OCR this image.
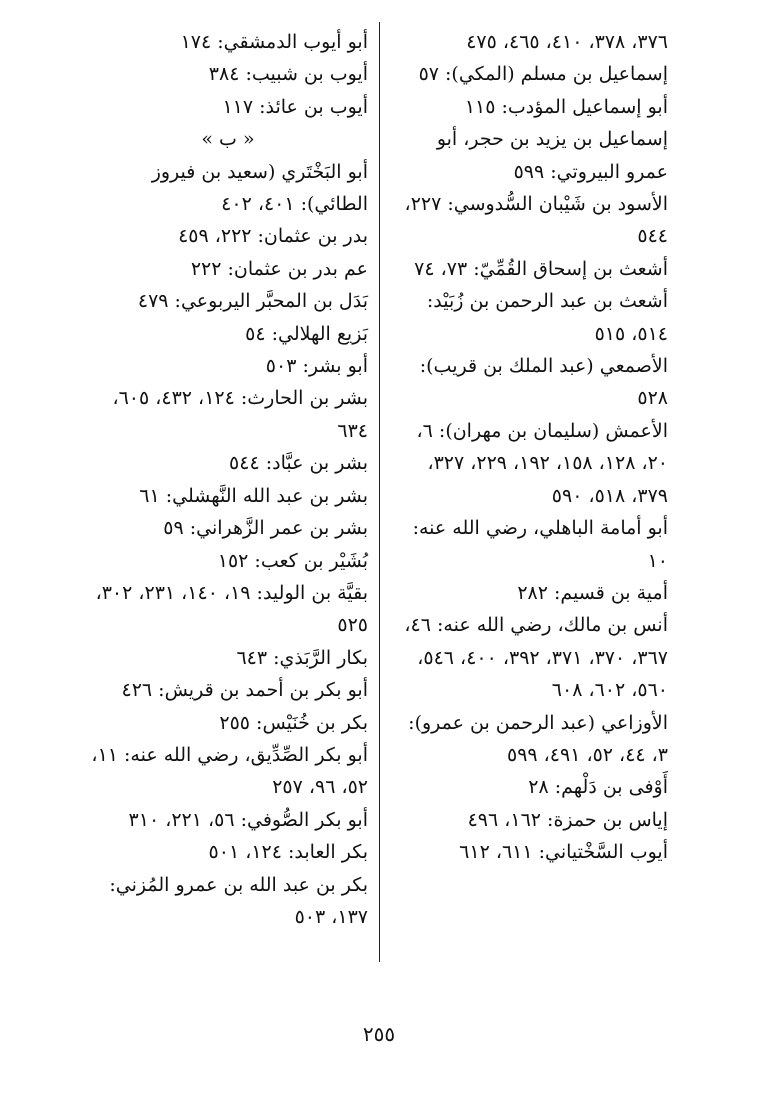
٣٧٦، ٣٧٨، ٤١٠، ٤٦٥، ٤٧٥

إسماعيل بن مسلم (المكي): ٥٧

أبو إسماعيل المؤدب: ١١٥

إسماعيل بن يزيد بن حجر، أبو عمرو البيروتي: ٥٩٩

الأسود بن شَيْبان السُّدوسي: ٢٢٧، ٥٤٤

أشعث بن إسحاق القُمِّيّ: ٧٣، ٧٤

أشعث بن عبد الرحمن بن زُبَيْد: ٥١٤، ٥١٥

الأصمعي (عبد الملك بن قريب): ٥٢٨

الأعمش (سليمان بن مهران): ٦، ٢٠، ١٢٨، ١٥٨، ١٩٢، ٢٢٩، ٣٢٧، ٣٧٩، ٥١٨، ٥٩٠

أبو أمامة الباهلي، رضي الله عنه: ١٠

أمية بن قسيم: ٢٨٢

أنس بن مالك، رضي الله عنه: ٤٦، ٣٦٧، ٣٧٠، ٣٧١، ٣٩٢، ٤٠٠، ٥٤٦، ٥٦٠، ٦٠٢، ٦٠٨

الأوزاعي (عبد الرحمن بن عمرو): ٣، ٤٤، ٥٢، ٤٩١، ٥٩٩

أَوْفى بن دَلْهم: ٢٨

إياس بن حمزة: ١٦٢، ٤٩٦

أيوب السَّخْتياني: ٦١١، ٦١٢

أبو أيوب الدمشقي: ١٧٤

أيوب بن شبيب: ٣٨٤

أيوب بن عائذ: ١١٧

« ب »

أبو البَخْتَري (سعيد بن فيروز الطائي): ٤٠١، ٤٠٢

بدر بن عثمان: ٢٢٢، ٤٥٩

عم بدر بن عثمان: ٢٢٢

بَدَل بن المحبَّر اليربوعي: ٤٧٩

بَزيع الهلالي: ٥٤

أبو بشر: ٥٠٣

بشر بن الحارث: ١٢٤، ٤٣٢، ٦٠٥، ٦٣٤

بشر بن عبَّاد: ٥٤٤

بشر بن عبد الله النَّهشلي: ٦١

بشر بن عمر الزَّهراني: ٥٩

بُشَيْر بن كعب: ١٥٢

بقيَّة بن الوليد: ١٩، ١٤٠، ٢٣١، ٣٠٢، ٥٢٥

بكار الرَّبَذي: ٦٤٣

أبو بكر بن أحمد بن قريش: ٤٢٦

بكر بن خُنَيْس: ٢٥٥

أبو بكر الصِّدِّيق، رضي الله عنه: ١١، ٥٢، ٩٦، ٢٥٧

أبو بكر الصُّوفي: ٥٦، ٢٢١، ٣١٠

بكر العابد: ١٢٤، ٥٠١

بكر بن عبد الله بن عمرو المُزني: ١٣٧، ٥٠٣

٢٥٥
